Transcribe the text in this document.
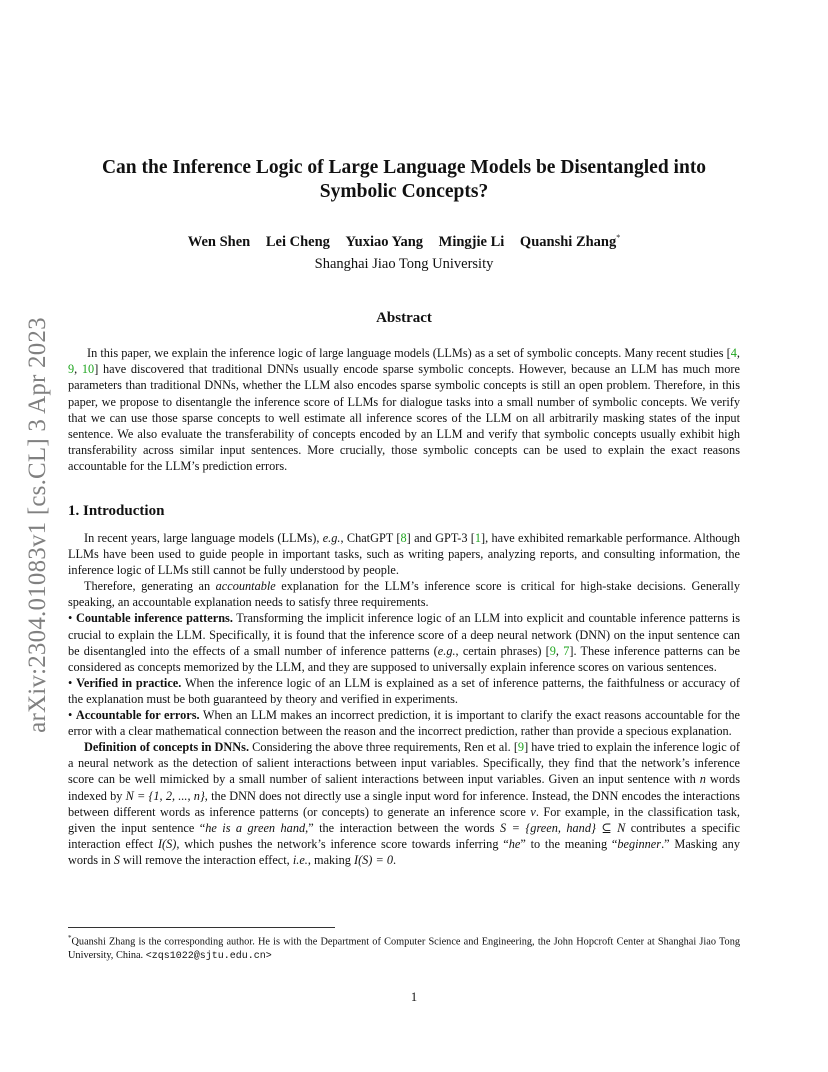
arXiv:2304.01083v1 [cs.CL] 3 Apr 2023
Can the Inference Logic of Large Language Models be Disentangled into Symbolic Concepts?
Wen Shen Lei Cheng Yuxiao Yang Mingjie Li Quanshi Zhang*
Shanghai Jiao Tong University
Abstract
In this paper, we explain the inference logic of large language models (LLMs) as a set of symbolic concepts. Many recent studies [4, 9, 10] have discovered that traditional DNNs usually encode sparse symbolic concepts. However, because an LLM has much more parameters than traditional DNNs, whether the LLM also encodes sparse symbolic concepts is still an open problem. Therefore, in this paper, we propose to disentangle the inference score of LLMs for dialogue tasks into a small number of symbolic concepts. We verify that we can use those sparse concepts to well estimate all inference scores of the LLM on all arbitrarily masking states of the input sentence. We also evaluate the transferability of concepts encoded by an LLM and verify that symbolic concepts usually exhibit high transferability across similar input sentences. More crucially, those symbolic concepts can be used to explain the exact reasons accountable for the LLM’s prediction errors.
1. Introduction

In recent years, large language models (LLMs), e.g., ChatGPT [8] and GPT-3 [1], have exhibited remarkable performance. Although LLMs have been used to guide people in important tasks, such as writing papers, analyzing reports, and consulting information, the inference logic of LLMs still cannot be fully understood by people.

Therefore, generating an accountable explanation for the LLM’s inference score is critical for high-stake decisions. Generally speaking, an accountable explanation needs to satisfy three requirements.

• Countable inference patterns. Transforming the implicit inference logic of an LLM into explicit and countable inference patterns is crucial to explain the LLM. Specifically, it is found that the inference score of a deep neural network (DNN) on the input sentence can be disentangled into the effects of a small number of inference patterns (e.g., certain phrases) [9, 7]. These inference patterns can be considered as concepts memorized by the LLM, and they are supposed to universally explain inference scores on various sentences.

• Verified in practice. When the inference logic of an LLM is explained as a set of inference patterns, the faithfulness or accuracy of the explanation must be both guaranteed by theory and verified in experiments.

• Accountable for errors. When an LLM makes an incorrect prediction, it is important to clarify the exact reasons accountable for the error with a clear mathematical connection between the reason and the incorrect prediction, rather than provide a specious explanation.

Definition of concepts in DNNs. Considering the above three requirements, Ren et al. [9] have tried to explain the inference logic of a neural network as the detection of salient interactions between input variables. Specifically, they find that the network’s inference score can be well mimicked by a small number of salient interactions between input variables. Given an input sentence with n words indexed by N = {1, 2, ..., n}, the DNN does not directly use a single input word for inference. Instead, the DNN encodes the interactions between different words as inference patterns (or concepts) to generate an inference score v. For example, in the classification task, given the input sentence “he is a green hand,” the interaction between the words S = {green, hand} ⊆ N contributes a specific interaction effect I(S), which pushes the network’s inference score towards inferring “he” to the meaning “beginner.” Masking any words in S will remove the interaction effect, i.e., making I(S) = 0.

*Quanshi Zhang is the corresponding author. He is with the Department of Computer Science and Engineering, the John Hopcroft Center at Shanghai Jiao Tong University, China. <zqs1022@sjtu.edu.cn>
1
